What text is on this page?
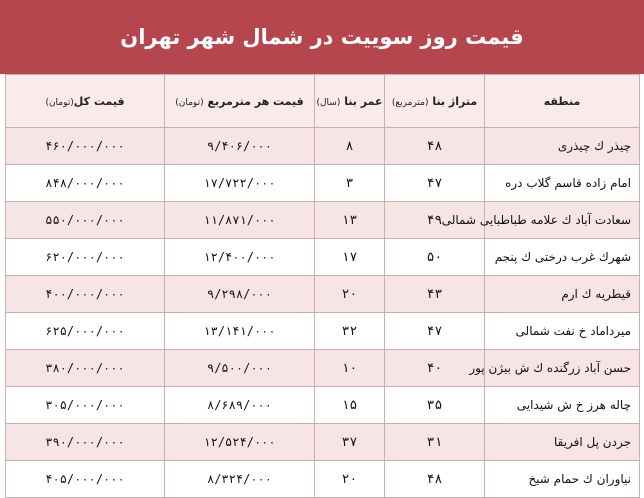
قیمت روز سوییت در شمال شهر تهران
منطقه	متراژ بنا (مترمربع)	عمر بنا (سال)	قیمت هر مترمربع (تومان)	قیمت کل(تومان)
چیذر ك چیذری	۴۸	۸	۹/۴۰۶/۰۰۰	۴۶۰/۰۰۰/۰۰۰
امام زاده قاسم گلاب دره	۴۷	۳	۱۷/۷۲۲/۰۰۰	۸۴۸/۰۰۰/۰۰۰
سعادت آباد ك علامه طباطبایی شمالی	۴۹	۱۳	۱۱/۸۷۱/۰۰۰	۵۵۰/۰۰۰/۰۰۰
شهرك غرب درختی ك پنجم	۵۰	۱۷	۱۲/۴۰۰/۰۰۰	۶۲۰/۰۰۰/۰۰۰
قیطریه ك ارم	۴۳	۲۰	۹/۲۹۸/۰۰۰	۴۰۰/۰۰۰/۰۰۰
میرداماد خ نفت شمالی	۴۷	۳۲	۱۳/۱۴۱/۰۰۰	۶۲۵/۰۰۰/۰۰۰
حسن آباد زرگنده ك ش بیژن پور	۴۰	۱۰	۹/۵۰۰/۰۰۰	۳۸۰/۰۰۰/۰۰۰
چاله هرز خ ش شیدایی	۳۵	۱۵	۸/۶۸۹/۰۰۰	۳۰۵/۰۰۰/۰۰۰
جردن پل افریقا	۳۱	۳۷	۱۲/۵۲۴/۰۰۰	۳۹۰/۰۰۰/۰۰۰
نیاوران ك حمام شیخ	۴۸	۲۰	۸/۳۲۴/۰۰۰	۴۰۵/۰۰۰/۰۰۰
